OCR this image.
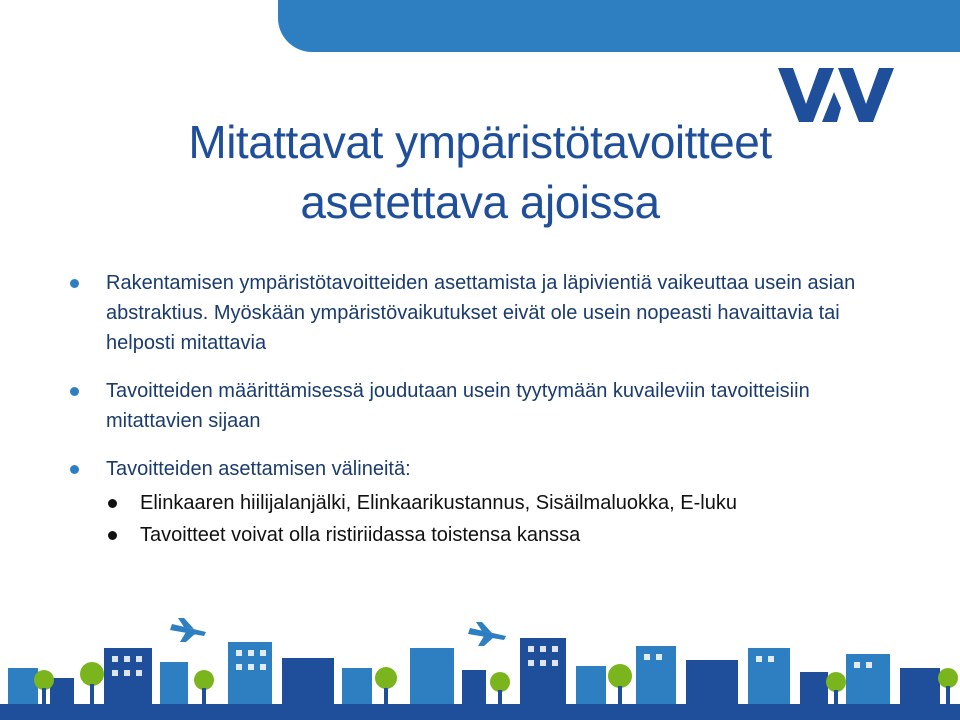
Mitattavat ympäristötavoitteet
asetettava ajoissa
Rakentamisen ympäristötavoitteiden asettamista ja läpivientiä vaikeuttaa usein asian abstraktius. Myöskään ympäristövaikutukset eivät ole usein nopeasti havaittavia tai helposti mitattavia
Tavoitteiden määrittämisessä joudutaan usein tyytymään kuvaileviin tavoitteisiin mitattavien sijaan
Tavoitteiden asettamisen välineitä:
Elinkaaren hiilijalanjälki, Elinkaarikustannus, Sisäilmaluokka, E-luku
Tavoitteet voivat olla ristiriidassa toistensa kanssa
